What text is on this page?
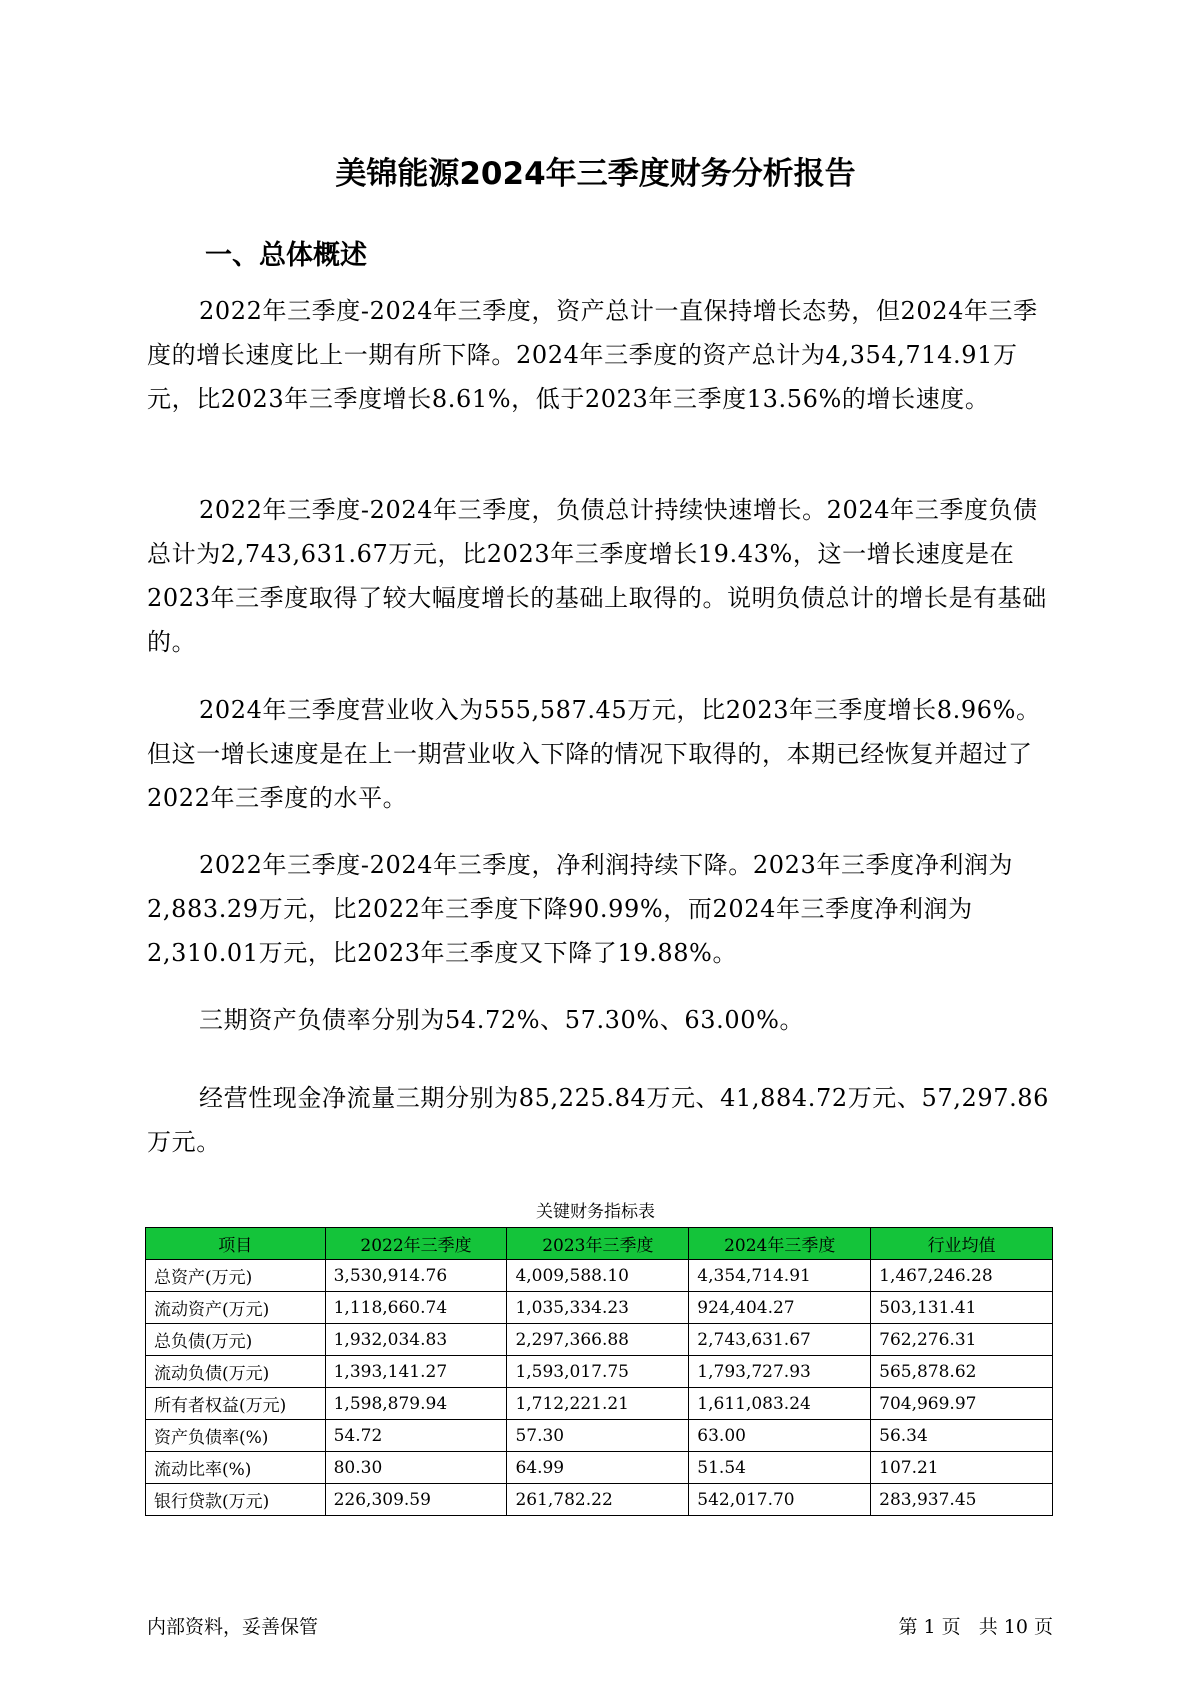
美锦能源2024年三季度财务分析报告
一、总体概述

2022年三季度-2024年三季度，资产总计一直保持增长态势，但2024年三季度的增长速度比上一期有所下降。2024年三季度的资产总计为4,354,714.91万元，比2023年三季度增长8.61%，低于2023年三季度13.56%的增长速度。

2022年三季度-2024年三季度，负债总计持续快速增长。2024年三季度负债总计为2,743,631.67万元，比2023年三季度增长19.43%，这一增长速度是在2023年三季度取得了较大幅度增长的基础上取得的。说明负债总计的增长是有基础的。

2024年三季度营业收入为555,587.45万元，比2023年三季度增长8.96%。但这一增长速度是在上一期营业收入下降的情况下取得的，本期已经恢复并超过了2022年三季度的水平。

2022年三季度-2024年三季度，净利润持续下降。2023年三季度净利润为2,883.29万元，比2022年三季度下降90.99%，而2024年三季度净利润为2,310.01万元，比2023年三季度又下降了19.88%。

三期资产负债率分别为54.72%、57.30%、63.00%。

经营性现金净流量三期分别为85,225.84万元、41,884.72万元、57,297.86万元。

关键财务指标表
项目	2022年三季度	2023年三季度	2024年三季度	行业均值
总资产(万元)	3,530,914.76	4,009,588.10	4,354,714.91	1,467,246.28
流动资产(万元)	1,118,660.74	1,035,334.23	924,404.27	503,131.41
总负债(万元)	1,932,034.83	2,297,366.88	2,743,631.67	762,276.31
流动负债(万元)	1,393,141.27	1,593,017.75	1,793,727.93	565,878.62
所有者权益(万元)	1,598,879.94	1,712,221.21	1,611,083.24	704,969.97
资产负债率(%)	54.72	57.30	63.00	56.34
流动比率(%)	80.30	64.99	51.54	107.21
银行贷款(万元)	226,309.59	261,782.22	542,017.70	283,937.45
内部资料，妥善保管	第 1 页   共 10 页
